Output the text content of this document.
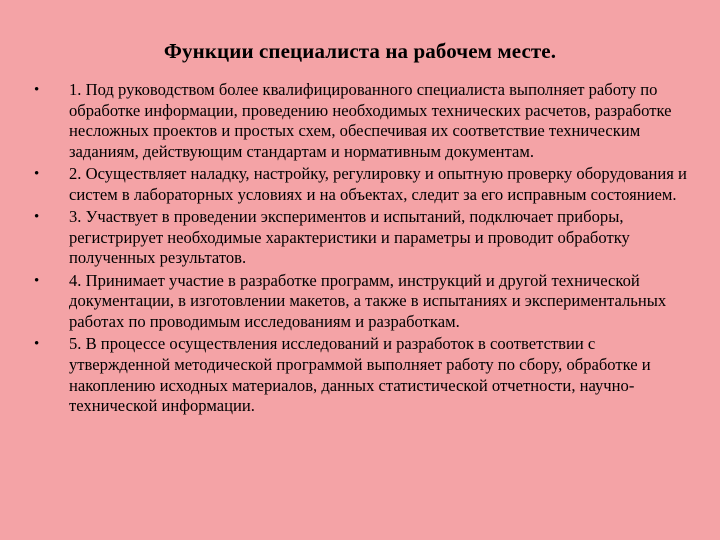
Функции специалиста на рабочем месте.
•	1. Под руководством более квалифицированного специалиста выполняет работу по обработке информации, проведению необходимых технических расчетов, разработке несложных проектов и простых схем, обеспечивая их соответствие техническим заданиям, действующим стандартам и нормативным документам.
•	2. Осуществляет наладку, настройку, регулировку и опытную проверку оборудования и систем в лабораторных условиях и на объектах, следит за его исправным состоянием.
•	3. Участвует в проведении экспериментов и испытаний, подключает приборы, регистрирует необходимые характеристики и параметры и проводит обработку полученных результатов.
•	4. Принимает участие в разработке программ, инструкций и другой технической документации, в изготовлении макетов, а также в испытаниях и экспериментальных работах по проводимым исследованиям и разработкам.
•	5. В процессе осуществления исследований и разработок в соответствии с утвержденной методической программой выполняет работу по сбору, обработке и накоплению исходных материалов, данных статистической отчетности, научно-технической информации.
